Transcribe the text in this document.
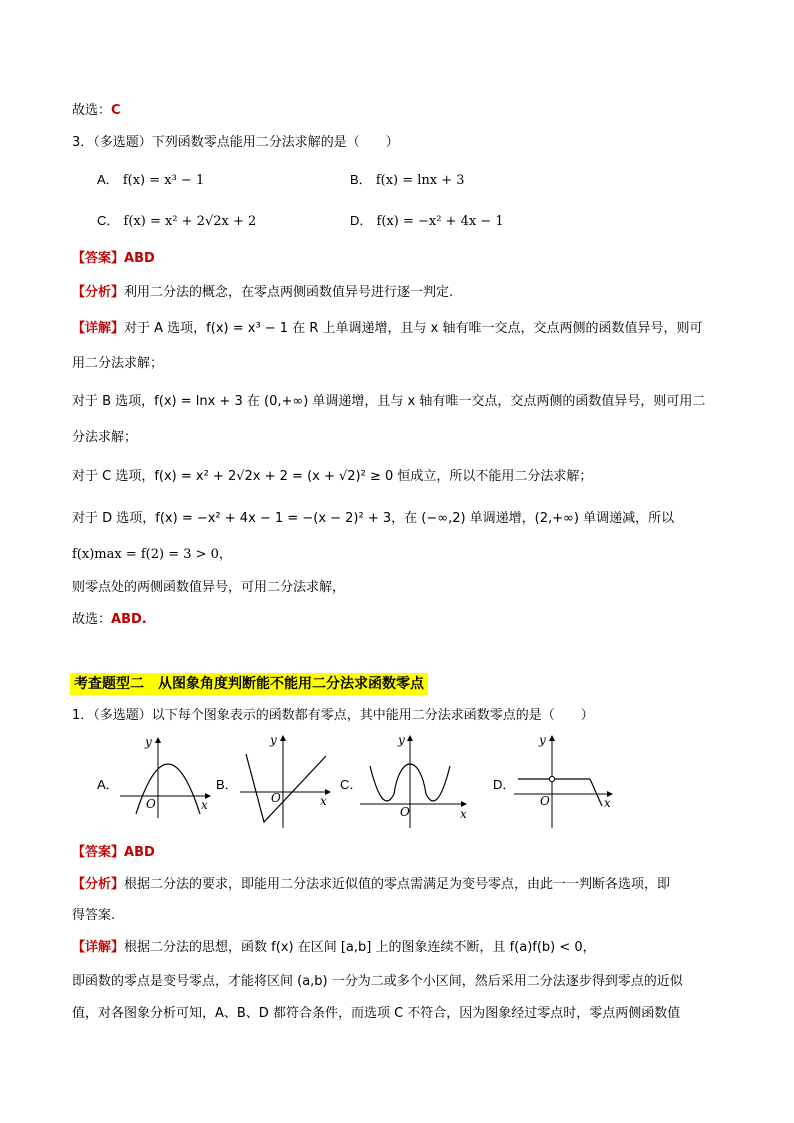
故选：C
3．（多选题）下列函数零点能用二分法求解的是（　　）
A． f(x) = x³ − 1	B． f(x) = lnx + 3
C． f(x) = x² + 2√2x + 2	D． f(x) = −x² + 4x − 1
【答案】ABD
【分析】利用二分法的概念，在零点两侧函数值异号进行逐一判定.
【详解】对于 A 选项，f(x) = x³ − 1 在 R 上单调递增，且与 x 轴有唯一交点，交点两侧的函数值异号，则可
用二分法求解；
对于 B 选项，f(x) = lnx + 3 在 (0,+∞) 单调递增，且与 x 轴有唯一交点，交点两侧的函数值异号，则可用二
分法求解；
对于 C 选项，f(x) = x² + 2√2x + 2 = (x + √2)² ≥ 0 恒成立，所以不能用二分法求解；
对于 D 选项，f(x) = −x² + 4x − 1 = −(x − 2)² + 3，在 (−∞,2) 单调递增，(2,+∞) 单调递减，所以
f(x)max = f(2) = 3 > 0，
则零点处的两侧函数值异号，可用二分法求解，
故选：ABD.
考查题型二　从图象角度判断能不能用二分法求函数零点
1．（多选题）以下每个图象表示的函数都有零点，其中能用二分法求函数零点的是（　　）
A．	B．	C．	D．
O	x
y
O	x
y
O	x
y
O	x
y
【答案】ABD
【分析】根据二分法的要求，即能用二分法求近似值的零点需满足为变号零点，由此一一判断各选项，即
得答案.
【详解】根据二分法的思想，函数 f(x) 在区间 [a,b] 上的图象连续不断，且 f(a)f(b) < 0，
即函数的零点是变号零点，才能将区间 (a,b) 一分为二或多个小区间，然后采用二分法逐步得到零点的近似
值，对各图象分析可知，A、B、D 都符合条件，而选项 C 不符合，因为图象经过零点时，零点两侧函数值
